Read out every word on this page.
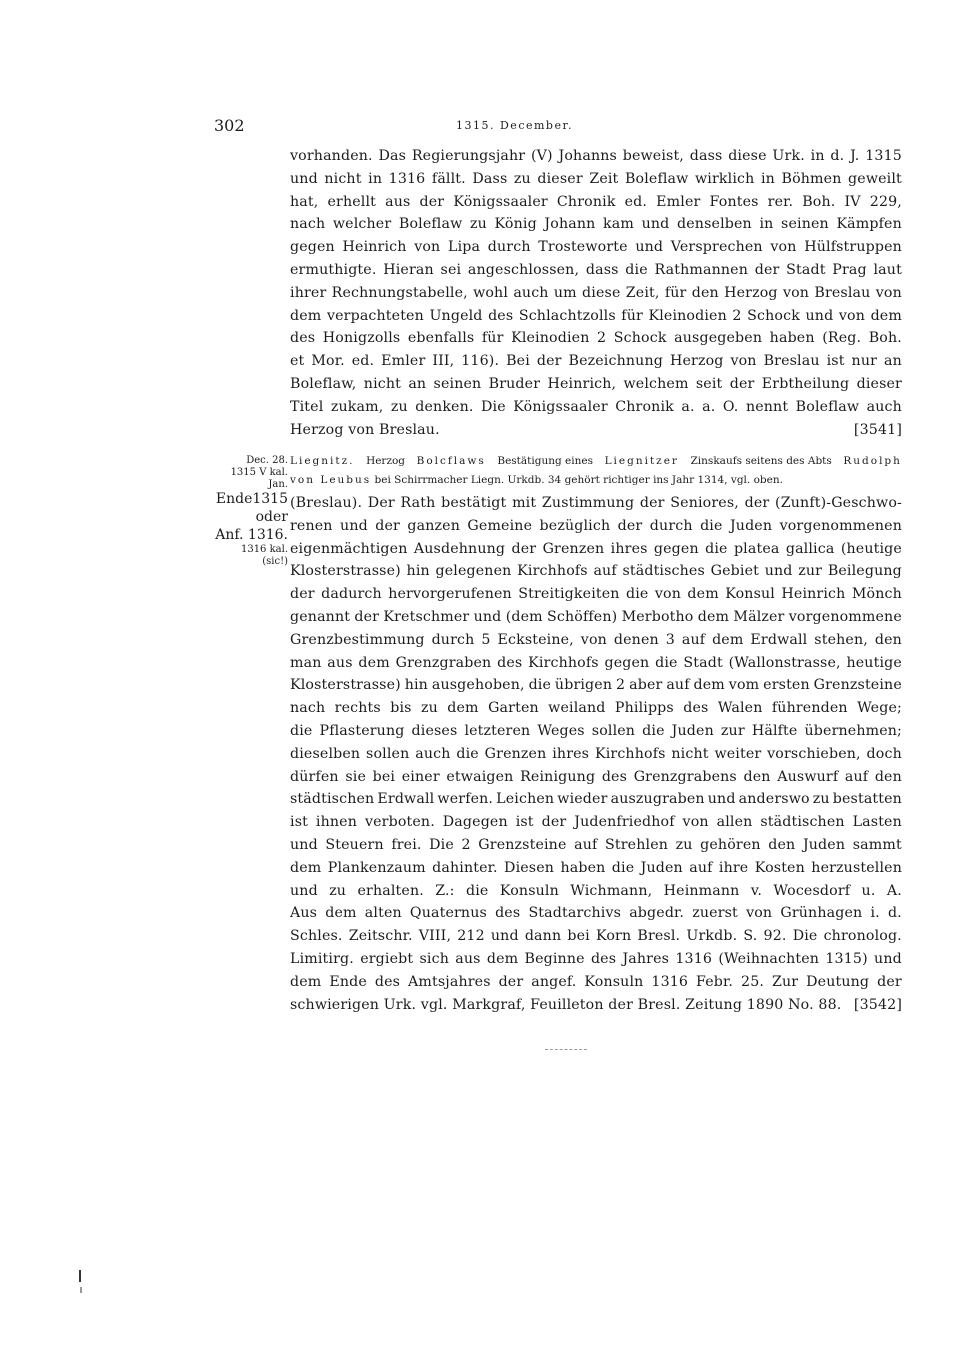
302	1315. December.
vorhanden. Das Regierungsjahr (V) Johanns beweist, dass diese Urk. in d. J. 1315
und nicht in 1316 fällt. Dass zu dieser Zeit Boleflaw wirklich in Böhmen geweilt
hat, erhellt aus der Königssaaler Chronik ed. Emler Fontes rer. Boh. IV 229,
nach welcher Boleflaw zu König Johann kam und denselben in seinen Kämpfen
gegen Heinrich von Lipa durch Trosteworte und Versprechen von Hülfstruppen
ermuthigte. Hieran sei angeschlossen, dass die Rathmannen der Stadt Prag laut
ihrer Rechnungstabelle, wohl auch um diese Zeit, für den Herzog von Breslau von
dem verpachteten Ungeld des Schlachtzolls für Kleinodien 2 Schock und von dem
des Honigzolls ebenfalls für Kleinodien 2 Schock ausgegeben haben (Reg. Boh.
et Mor. ed. Emler III, 116). Bei der Bezeichnung Herzog von Breslau ist nur an
Boleflaw, nicht an seinen Bruder Heinrich, welchem seit der Erbtheilung dieser
Titel zukam, zu denken. Die Königssaaler Chronik a. a. O. nennt Boleflaw auch
Herzog von Breslau.	[3541]
Dec. 28.
1315 V kal.
Jan.
Liegnitz. Herzog Bolcflaws Bestätigung eines Liegnitzer Zinskaufs seitens des Abts Rudolph
von Leubus
bei Schirrmacher Liegn. Urkdb. 34 gehört richtiger ins Jahr 1314, vgl. oben.
Ende1315
oder
Anf. 1316.
1316 kal.
(sic!)
(Breslau). Der Rath bestätigt mit Zustimmung der Seniores, der (Zunft)-Geschwo-
renen und der ganzen Gemeine bezüglich der durch die Juden vorgenommenen
eigenmächtigen Ausdehnung der Grenzen ihres gegen die platea gallica (heutige
Klosterstrasse) hin gelegenen Kirchhofs auf städtisches Gebiet und zur Beilegung
der dadurch hervorgerufenen Streitigkeiten die von dem Konsul Heinrich Mönch
genannt der Kretschmer und (dem Schöffen) Merbotho dem Mälzer vorgenommene
Grenzbestimmung durch 5 Ecksteine, von denen 3 auf dem Erdwall stehen, den
man aus dem Grenzgraben des Kirchhofs gegen die Stadt (Wallonstrasse, heutige
Klosterstrasse) hin ausgehoben, die übrigen 2 aber auf dem vom ersten Grenzsteine
nach rechts bis zu dem Garten weiland Philipps des Walen führenden Wege;
die Pflasterung dieses letzteren Weges sollen die Juden zur Hälfte übernehmen;
dieselben sollen auch die Grenzen ihres Kirchhofs nicht weiter vorschieben, doch
dürfen sie bei einer etwaigen Reinigung des Grenzgrabens den Auswurf auf den
städtischen Erdwall werfen. Leichen wieder auszugraben und anderswo zu bestatten
ist ihnen verboten. Dagegen ist der Judenfriedhof von allen städtischen Lasten
und Steuern frei. Die 2 Grenzsteine auf Strehlen zu gehören den Juden sammt
dem Plankenzaum dahinter. Diesen haben die Juden auf ihre Kosten herzustellen
und zu erhalten. Z.: die Konsuln Wichmann, Heinmann v. Wocesdorf u. A.
Aus dem alten Quaternus des Stadtarchivs abgedr. zuerst von Grünhagen i. d.
Schles. Zeitschr. VIII, 212 und dann bei Korn Bresl. Urkdb. S. 92. Die chronolog.
Limitirg. ergiebt sich aus dem Beginne des Jahres 1316 (Weihnachten 1315) und
dem Ende des Amtsjahres der angef. Konsuln 1316 Febr. 25. Zur Deutung der
schwierigen Urk. vgl. Markgraf, Feuilleton der Bresl. Zeitung 1890 No. 88. [3542]
